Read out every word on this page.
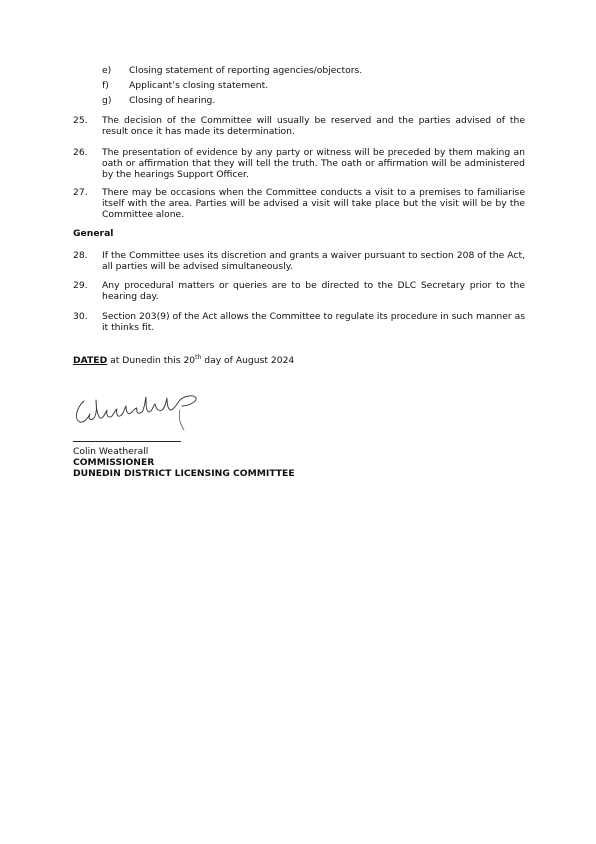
e)	Closing statement of reporting agencies/objectors.
f)	Applicant’s closing statement.
g)	Closing of hearing.
25.	The decision of the Committee will usually be reserved and the parties advised of the result once it has made its determination.
26.	The presentation of evidence by any party or witness will be preceded by them making an oath or affirmation that they will tell the truth. The oath or affirmation will be administered by the hearings Support Officer.
27.	There may be occasions when the Committee conducts a visit to a premises to familiarise itself with the area. Parties will be advised a visit will take place but the visit will be by the Committee alone.
General
28.	If the Committee uses its discretion and grants a waiver pursuant to section 208 of the Act, all parties will be advised simultaneously.
29.	Any procedural matters or queries are to be directed to the DLC Secretary prior to the hearing day.
30.	Section 203(9) of the Act allows the Committee to regulate its procedure in such manner as it thinks fit.
DATED at Dunedin this 20th day of August 2024
Colin Weatherall
COMMISSIONER
DUNEDIN DISTRICT LICENSING COMMITTEE
